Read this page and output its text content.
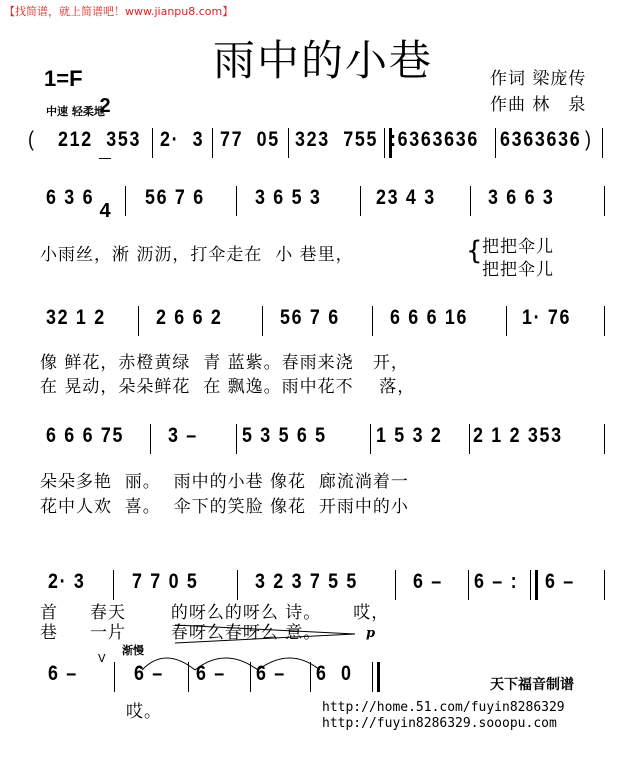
【找简谱，就上简谱吧！www.jianpu8.com】
雨中的小巷
1=F

2

4

中速 轻柔地
作词 梁庞传
作曲 林　泉
( 212  353 2·  3 77  05 323  755 :6363636 6363636 )
6 3 6 56 7 6 3 6 5 3	23 4 3 3 6 6 3
小雨丝，淅 沥沥，打伞走在  小 巷里，	{
把把伞儿
把把伞儿
32 1 2 2 6 6 2	56 7 6 6 6 6 16	1· 76
像 鲜花，赤橙黄绿  青 蓝紫。春雨来浇   开，
在 晃动，朵朵鲜花  在 飘逸。雨中花不    落，
6 6 6 75 3 – 5 3 5 6 5 1 5 3 2 2 1 2 353
朵朵多艳  丽。  雨中的小巷 像花  廊流淌着一
花中人欢  喜。  伞下的笑脸 像花  开雨中的小
2· 3 7 7 0 5	3 2 3 7 5 5	6 – 6 – : 6 –
首     春天       的呀么的呀么 诗。     哎，
巷     一片       春呀么春呀么 意。	p
渐慢
V
6 –	6 – 6 – 6 – 6  0
哎。
天下福音制谱
http://home.51.com/fuyin8286329
http://fuyin8286329.sooopu.com
